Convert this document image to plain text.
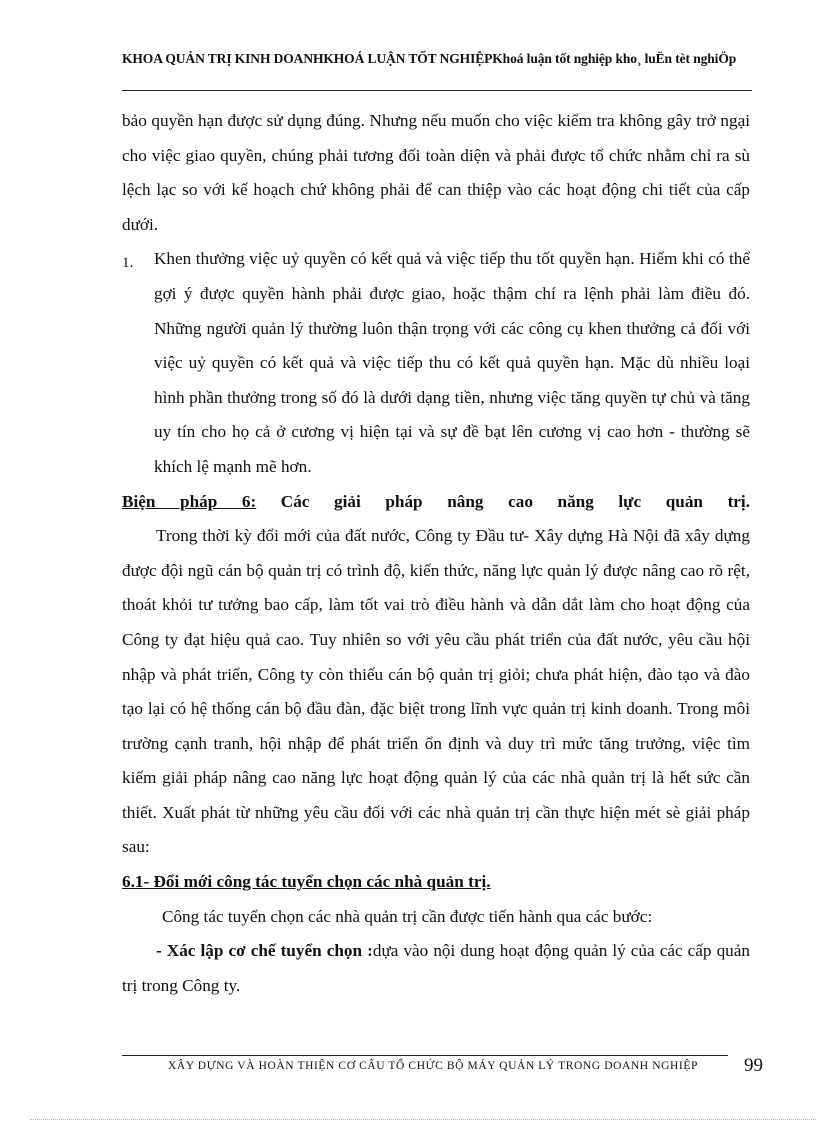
KHOA QUẢN TRỊ KINH DOANHKHOÁ LUẬN TỐT NGHIỆPKhoá luận tốt nghiệp kho¸ luËn tèt nghiÖp

bảo quyền hạn được sử dụng đúng. Nhưng nếu muốn cho việc kiểm tra không gây trở ngại cho việc giao quyền, chúng phải tương đối toàn diện và phải được tổ chức nhằm chỉ ra sù lệch lạc so với kế hoạch chứ không phải để can thiệp vào các hoạt động chi tiết của cấp dưới.

1.	Khen thưởng việc uỷ quyền có kết quả và việc tiếp thu tốt quyền hạn. Hiếm khi có thể gợi ý được quyền hành phải được giao, hoặc thậm chí ra lệnh phải làm điều đó. Những người quản lý thường luôn thận trọng với các công cụ khen thưởng cả đối với việc uỷ quyền có kết quả và việc tiếp thu có kết quả quyền hạn. Mặc dù nhiều loại hình phần thưởng trong số đó là dưới dạng tiền, nhưng việc tăng quyền tự chủ và tăng uy tín cho họ cả ở cương vị hiện tại và sự đề bạt lên cương vị cao hơn - thường sẽ khích lệ mạnh mẽ hơn.

Biện pháp 6: Các giải pháp nâng cao năng lực quản trị.

Trong thời kỳ đổi mới của đất nước, Công ty Đầu tư- Xây dựng Hà Nội đã xây dựng được đội ngũ cán bộ quản trị có trình độ, kiến thức, năng lực quản lý được nâng cao rõ rệt, thoát khỏi tư tưởng bao cấp, làm tốt vai trò điều hành và dẫn dắt làm cho hoạt động của Công ty đạt hiệu quả cao. Tuy nhiên so với yêu cầu phát triển của đất nước, yêu cầu hội nhập và phát triển, Công ty còn thiếu cán bộ quản trị giỏi; chưa phát hiện, đào tạo và đào tạo lại có hệ thống cán bộ đầu đàn, đặc biệt trong lĩnh vực quản trị kinh doanh. Trong môi trường cạnh tranh, hội nhập để phát triển ổn định và duy trì mức tăng trưởng, việc tìm kiếm giải pháp nâng cao năng lực hoạt động quản lý của các nhà quản trị là hết sức cần thiết. Xuất phát từ những yêu cầu đối với các nhà quản trị cần thực hiện mét sè giải pháp sau:

6.1- Đổi mới công tác tuyển chọn các nhà quản trị.

Công tác tuyển chọn các nhà quản trị cần được tiến hành qua các bước:

- Xác lập cơ chế tuyển chọn :dựa vào nội dung hoạt động quản lý của các cấp quản trị trong Công ty.

XÂY DỰNG VÀ HOÀN THIỆN CƠ CẤU TỔ CHỨC BỘ MÁY QUẢN LÝ TRONG DOANH NGHIỆP	99
